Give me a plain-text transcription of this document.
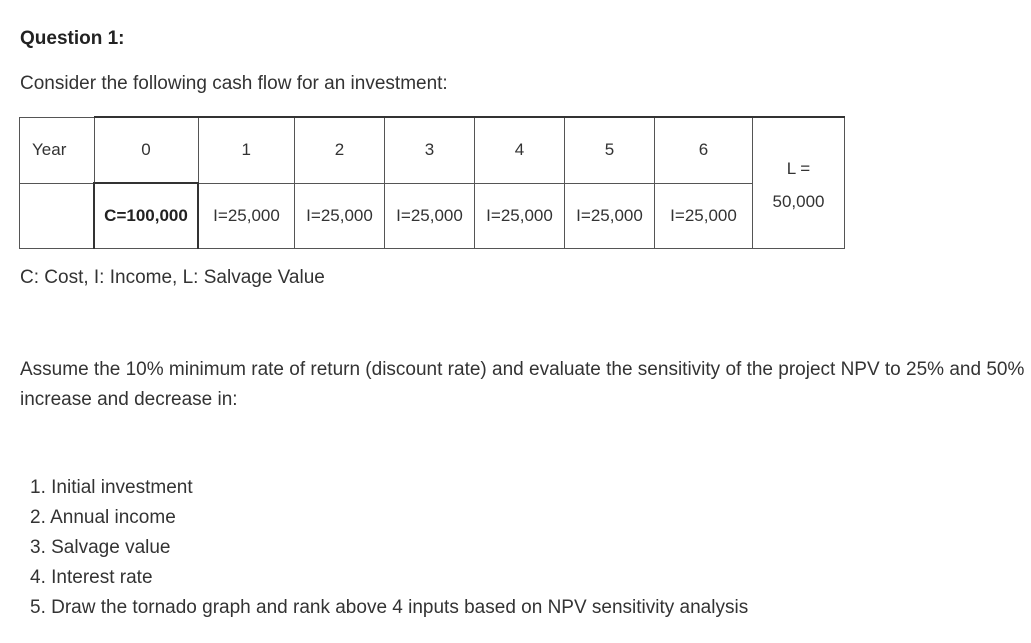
Question 1:
Consider the following cash flow for an investment:
Year	0	1	2	3	4	5	6	L =
50,000

	C=100,000	I=25,000	I=25,000	I=25,000	I=25,000	I=25,000	I=25,000	
C: Cost, I: Income, L: Salvage Value
Assume the 10% minimum rate of return (discount rate) and evaluate the sensitivity of the project NPV to 25% and 50% increase and decrease in:
1. Initial investment
2. Annual income
3. Salvage value
4. Interest rate
5. Draw the tornado graph and rank above 4 inputs based on NPV sensitivity analysis
